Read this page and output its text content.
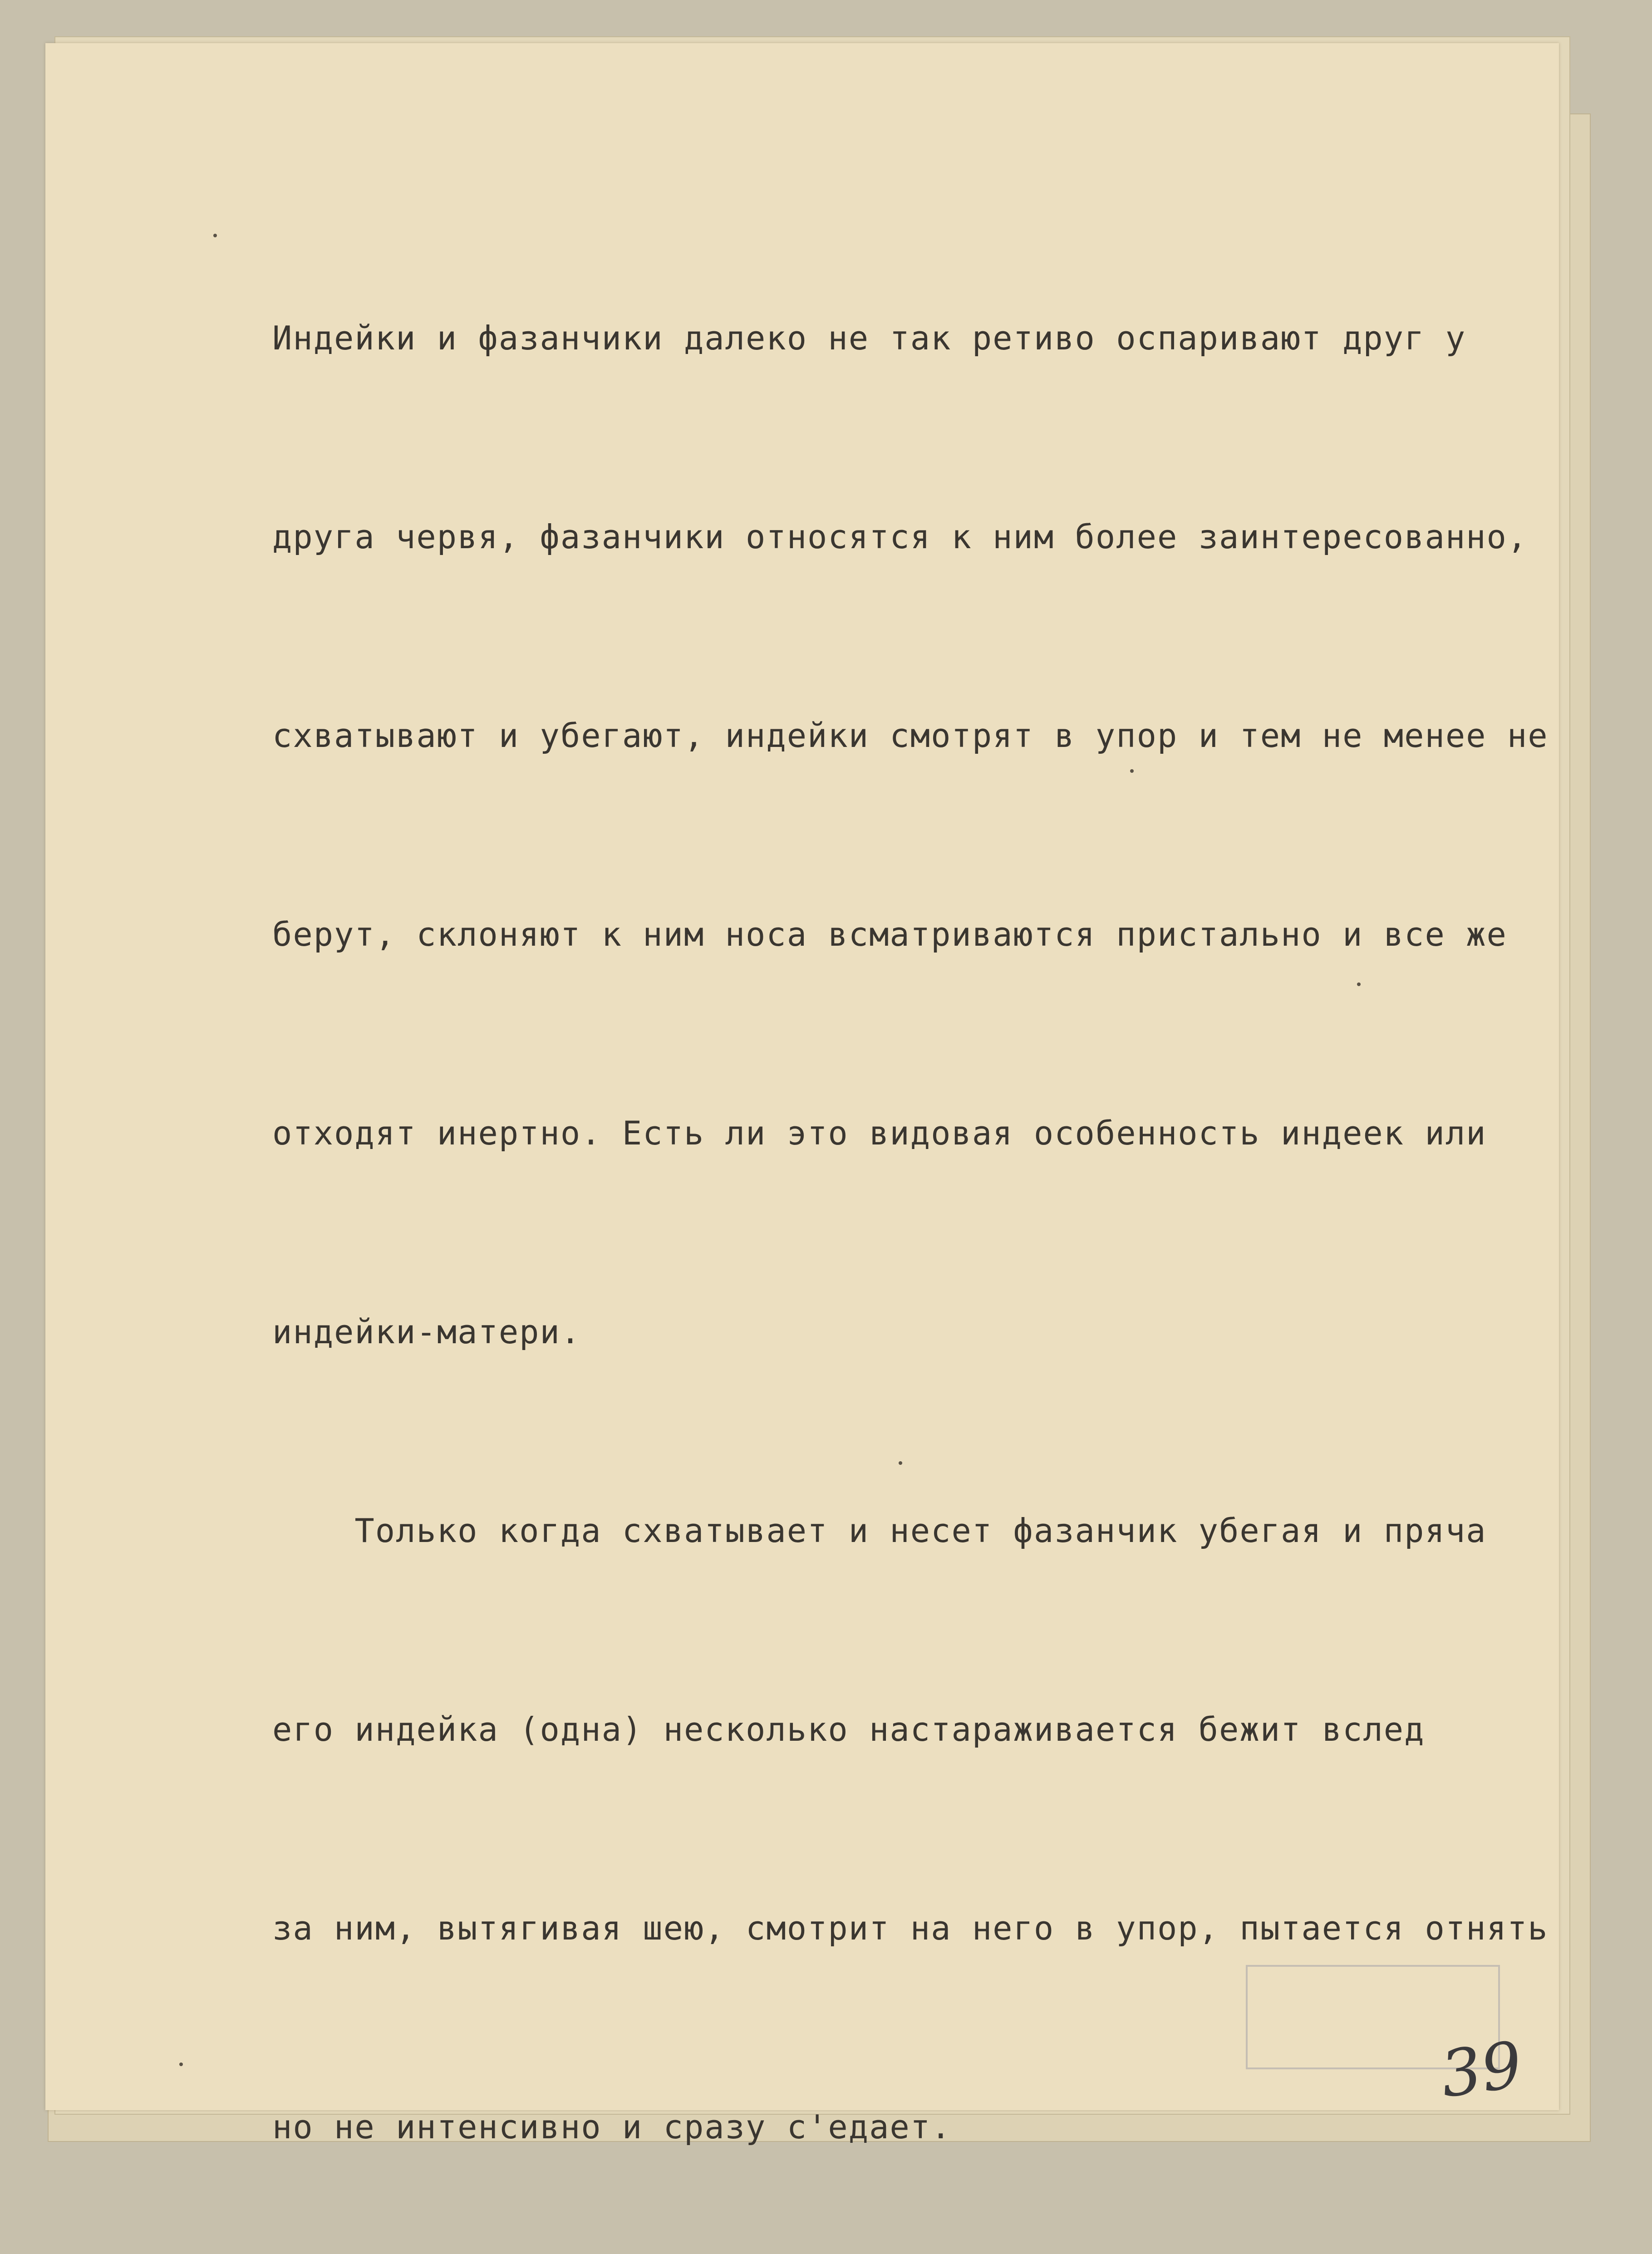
Индейки и фазанчики далеко не так ретиво оспаривают друг у

друга червя, фазанчики относятся к ним более заинтересованно,

схватывают и убегают, индейки смотрят в упор и тем не менее не

берут, склоняют к ним носа всматриваются пристально и все же

отходят инертно. Есть ли это видовая особенность индеек или

индейки-матери.

Только когда схватывает и несет фазанчик убегая и пряча

его индейка (одна) несколько настараживается бежит вслед

за ним, вытягивая шею, смотрит на него в упор, пытается отнять

но не интенсивно и сразу с'едает.

39
